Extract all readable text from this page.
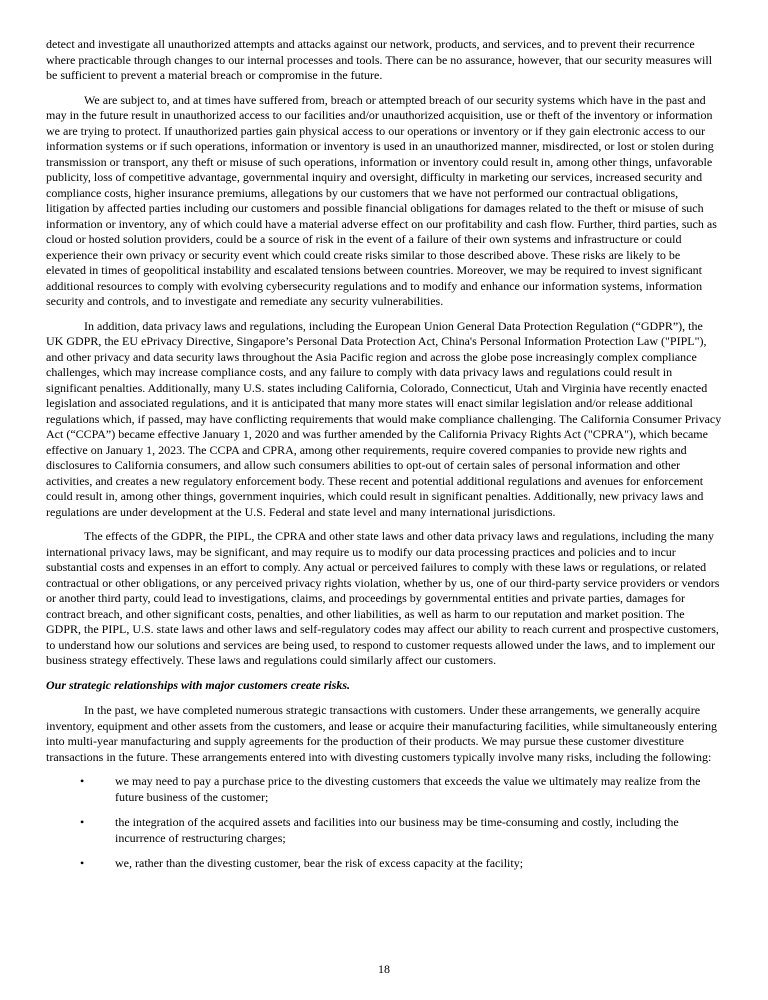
detect and investigate all unauthorized attempts and attacks against our network, products, and services, and to prevent their recurrence where practicable through changes to our internal processes and tools. There can be no assurance, however, that our security measures will be sufficient to prevent a material breach or compromise in the future.

We are subject to, and at times have suffered from, breach or attempted breach of our security systems which have in the past and may in the future result in unauthorized access to our facilities and/or unauthorized acquisition, use or theft of the inventory or information we are trying to protect. If unauthorized parties gain physical access to our operations or inventory or if they gain electronic access to our information systems or if such operations, information or inventory is used in an unauthorized manner, misdirected, or lost or stolen during transmission or transport, any theft or misuse of such operations, information or inventory could result in, among other things, unfavorable publicity, loss of competitive advantage, governmental inquiry and oversight, difficulty in marketing our services, increased security and compliance costs, higher insurance premiums, allegations by our customers that we have not performed our contractual obligations, litigation by affected parties including our customers and possible financial obligations for damages related to the theft or misuse of such information or inventory, any of which could have a material adverse effect on our profitability and cash flow. Further, third parties, such as cloud or hosted solution providers, could be a source of risk in the event of a failure of their own systems and infrastructure or could experience their own privacy or security event which could create risks similar to those described above. These risks are likely to be elevated in times of geopolitical instability and escalated tensions between countries. Moreover, we may be required to invest significant additional resources to comply with evolving cybersecurity regulations and to modify and enhance our information systems, information security and controls, and to investigate and remediate any security vulnerabilities.

In addition, data privacy laws and regulations, including the European Union General Data Protection Regulation (“GDPR”), the UK GDPR, the EU ePrivacy Directive, Singapore’s Personal Data Protection Act, China's Personal Information Protection Law ("PIPL"), and other privacy and data security laws throughout the Asia Pacific region and across the globe pose increasingly complex compliance challenges, which may increase compliance costs, and any failure to comply with data privacy laws and regulations could result in significant penalties. Additionally, many U.S. states including California, Colorado, Connecticut, Utah and Virginia have recently enacted legislation and associated regulations, and it is anticipated that many more states will enact similar legislation and/or release additional regulations which, if passed, may have conflicting requirements that would make compliance challenging. The California Consumer Privacy Act (“CCPA”) became effective January 1, 2020 and was further amended by the California Privacy Rights Act ("CPRA"), which became effective on January 1, 2023. The CCPA and CPRA, among other requirements, require covered companies to provide new rights and disclosures to California consumers, and allow such consumers abilities to opt-out of certain sales of personal information and other activities, and creates a new regulatory enforcement body. These recent and potential additional regulations and avenues for enforcement could result in, among other things, government inquiries, which could result in significant penalties. Additionally, new privacy laws and regulations are under development at the U.S. Federal and state level and many international jurisdictions.

The effects of the GDPR, the PIPL, the CPRA and other state laws and other data privacy laws and regulations, including the many international privacy laws, may be significant, and may require us to modify our data processing practices and policies and to incur substantial costs and expenses in an effort to comply. Any actual or perceived failures to comply with these laws or regulations, or related contractual or other obligations, or any perceived privacy rights violation, whether by us, one of our third-party service providers or vendors or another third party, could lead to investigations, claims, and proceedings by governmental entities and private parties, damages for contract breach, and other significant costs, penalties, and other liabilities, as well as harm to our reputation and market position. The GDPR, the PIPL, U.S. state laws and other laws and self-regulatory codes may affect our ability to reach current and prospective customers, to understand how our solutions and services are being used, to respond to customer requests allowed under the laws, and to implement our business strategy effectively. These laws and regulations could similarly affect our customers.

Our strategic relationships with major customers create risks.

In the past, we have completed numerous strategic transactions with customers. Under these arrangements, we generally acquire inventory, equipment and other assets from the customers, and lease or acquire their manufacturing facilities, while simultaneously entering into multi-year manufacturing and supply agreements for the production of their products. We may pursue these customer divestiture transactions in the future. These arrangements entered into with divesting customers typically involve many risks, including the following:

•	we may need to pay a purchase price to the divesting customers that exceeds the value we ultimately may realize from the future business of the customer;
•	the integration of the acquired assets and facilities into our business may be time-consuming and costly, including the incurrence of restructuring charges;
•	we, rather than the divesting customer, bear the risk of excess capacity at the facility;
18
